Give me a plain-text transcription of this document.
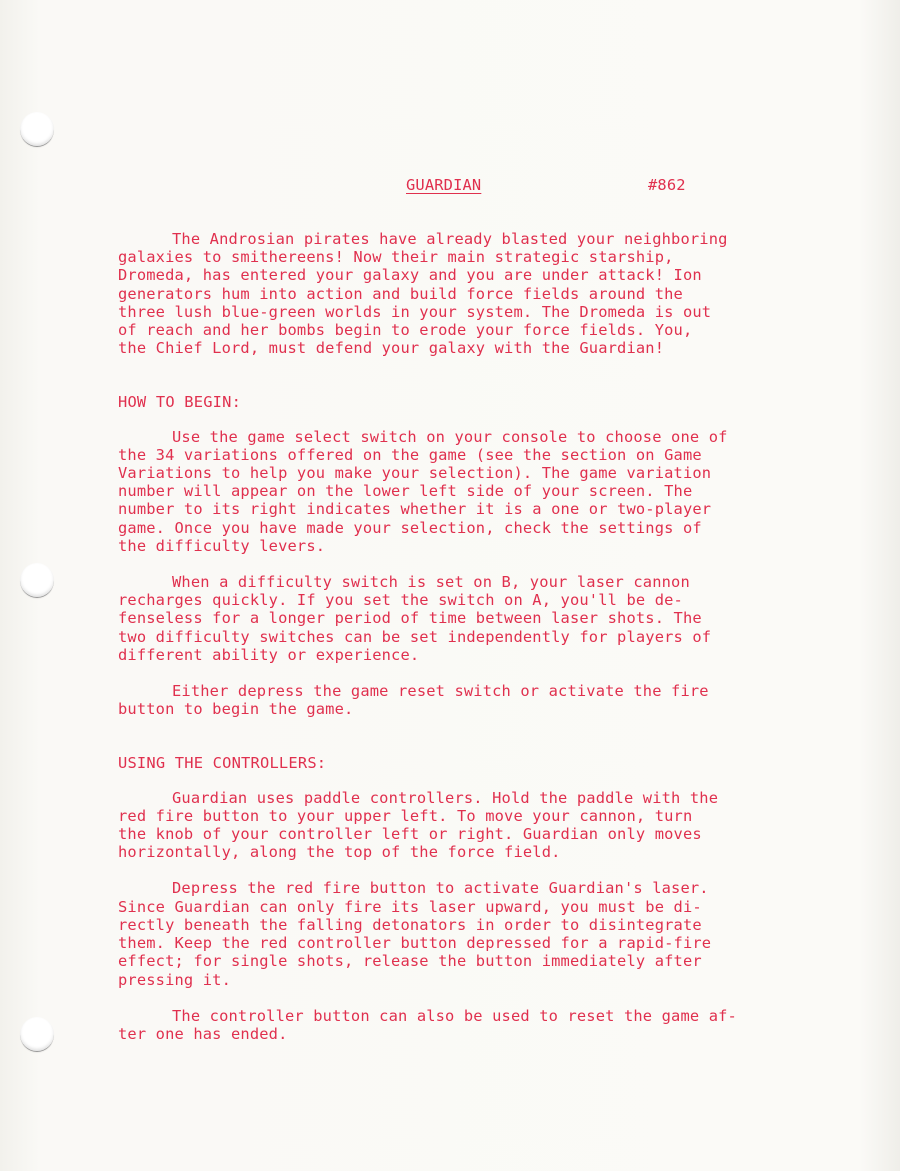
GUARDIAN	#862

The Androsian pirates have already blasted your neighboring
galaxies to smithereens! Now their main strategic starship,
Dromeda, has entered your galaxy and you are under attack! Ion
generators hum into action and build force fields around the
three lush blue-green worlds in your system. The Dromeda is out
of reach and her bombs begin to erode your force fields. You,
the Chief Lord, must defend your galaxy with the Guardian!

HOW TO BEGIN:

Use the game select switch on your console to choose one of
the 34 variations offered on the game (see the section on Game
Variations to help you make your selection). The game variation
number will appear on the lower left side of your screen. The
number to its right indicates whether it is a one or two-player
game. Once you have made your selection, check the settings of
the difficulty levers.

When a difficulty switch is set on B, your laser cannon
recharges quickly. If you set the switch on A, you'll be de-
fenseless for a longer period of time between laser shots. The
two difficulty switches can be set independently for players of
different ability or experience.

Either depress the game reset switch or activate the fire
button to begin the game.

USING THE CONTROLLERS:

Guardian uses paddle controllers. Hold the paddle with the
red fire button to your upper left. To move your cannon, turn
the knob of your controller left or right. Guardian only moves
horizontally, along the top of the force field.

Depress the red fire button to activate Guardian's laser.
Since Guardian can only fire its laser upward, you must be di-
rectly beneath the falling detonators in order to disintegrate
them. Keep the red controller button depressed for a rapid-fire
effect; for single shots, release the button immediately after
pressing it.

The controller button can also be used to reset the game af-
ter one has ended.
